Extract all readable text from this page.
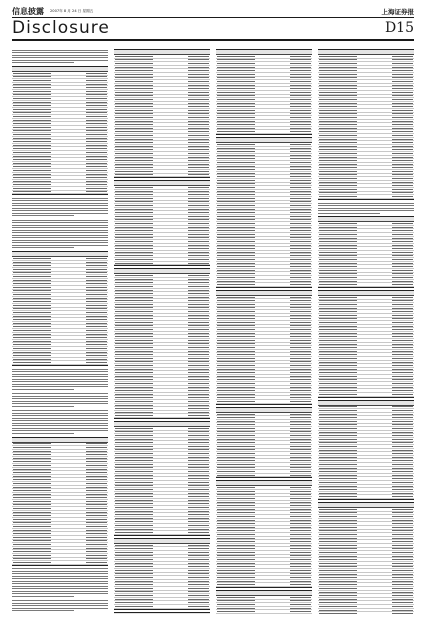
信息披露 2007年 8 月 24 日 星期五	上海证券报
Disclosure	D15
